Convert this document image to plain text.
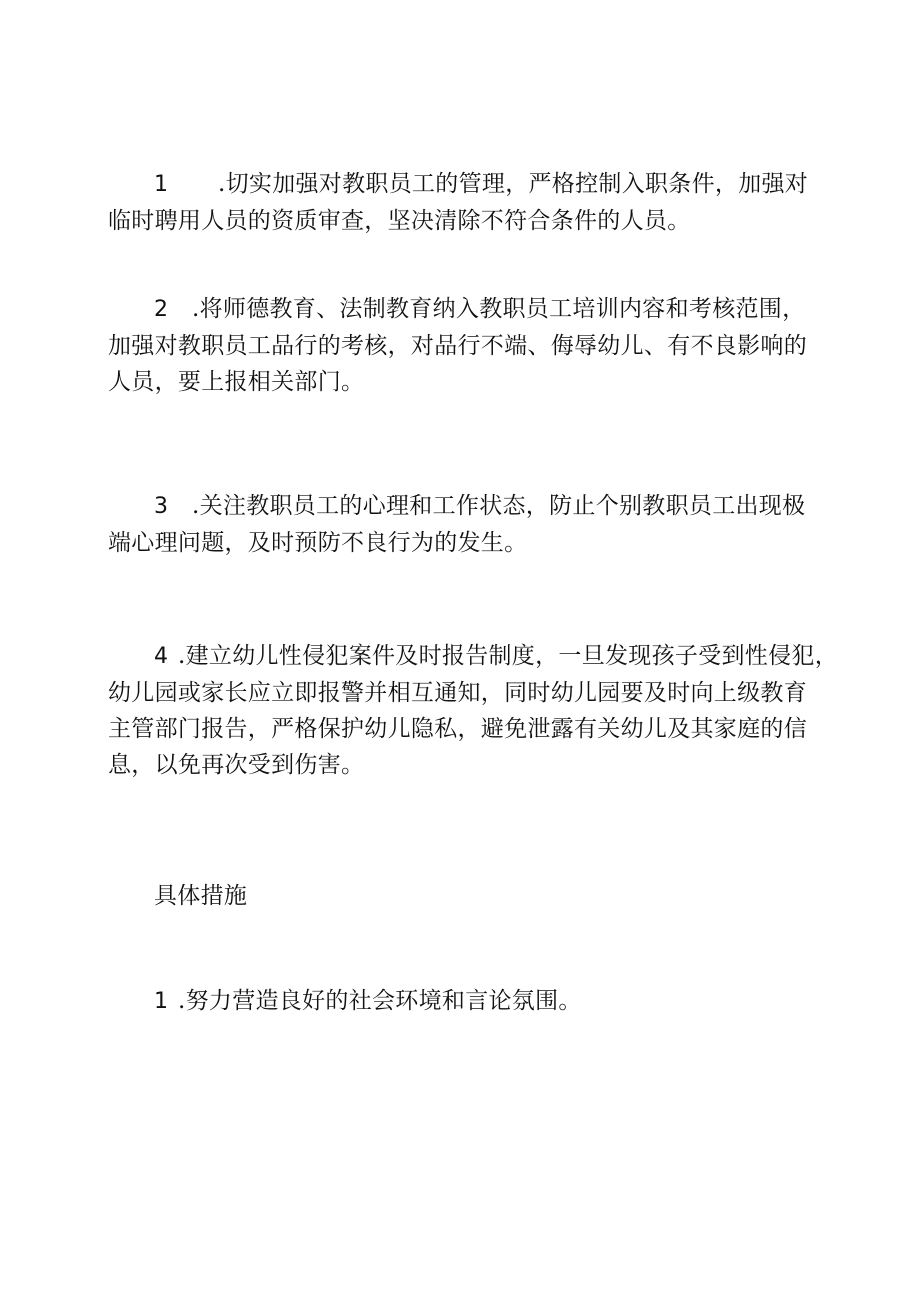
1 .切实加强对教职员工的管理，严格控制入职条件，加强对
临时聘用人员的资质审查，坚决清除不符合条件的人员。

2 .将师德教育、法制教育纳入教职员工培训内容和考核范围，
加强对教职员工品行的考核，对品行不端、侮辱幼儿、有不良影响的
人员，要上报相关部门。

3 .关注教职员工的心理和工作状态，防止个别教职员工出现极
端心理问题，及时预防不良行为的发生。

4 .建立幼儿性侵犯案件及时报告制度，一旦发现孩子受到性侵犯，
幼儿园或家长应立即报警并相互通知，同时幼儿园要及时向上级教育
主管部门报告，严格保护幼儿隐私，避免泄露有关幼儿及其家庭的信
息，以免再次受到伤害。

具体措施

1 .努力营造良好的社会环境和言论氛围。
